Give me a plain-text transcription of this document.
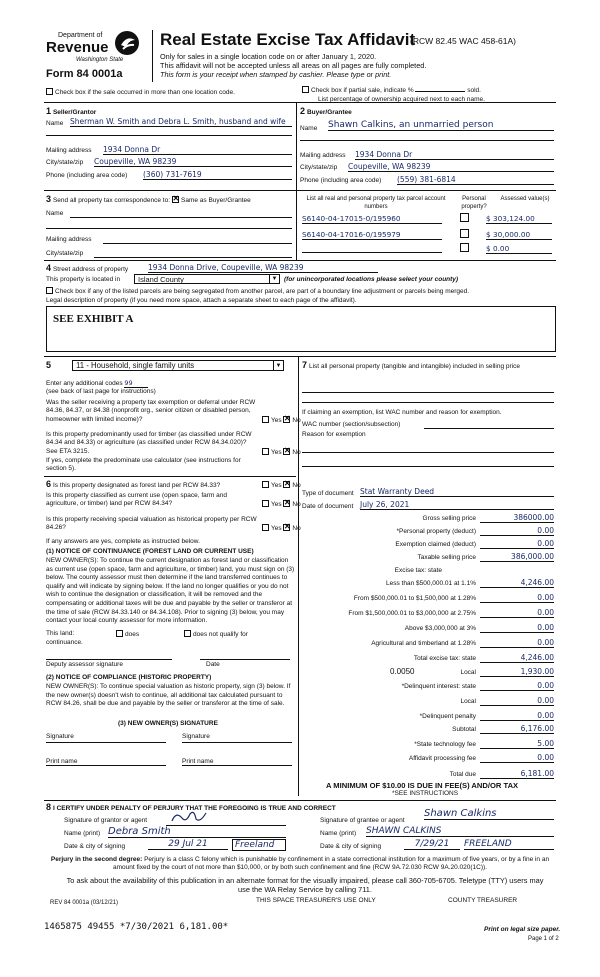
Department of
Revenue
Washington State
Form 84 0001a
Real Estate Excise Tax Affidavit
(RCW 82.45 WAC 458-61A)
Only for sales in a single location code on or after January 1, 2020.
This affidavit will not be accepted unless all areas on all pages are fully completed.
This form is your receipt when stamped by cashier. Please type or print.
Check box if the sale occurred in more than one location code.	Check box if partial sale, indicate %	sold.
List percentage of ownership acquired next to each name.
1 Seller/Grantor
Name Sherman W. Smith and Debra L. Smith, husband and wife
Mailing address 1934 Donna Dr
City/state/zip Coupeville, WA 98239
Phone (including area code) (360) 731-7619
2 Buyer/Grantee
Name Shawn Calkins, an unmarried person
Mailing address 1934 Donna Dr
City/state/zip Coupeville, WA 98239
Phone (including area code) (559) 381-6814
3 Send all property tax correspondence to: ✕ Same as Buyer/Grantee
Name
Mailing address
City/state/zip
List all real and personal property tax parcel account numbers
Personal property?
Assessed value(s)
S6140-04-17015-0/195960	$ 303,124.00
S6140-04-17016-0/195979	$ 30,000.00
$ 0.00
4 Street address of property	1934 Donna Drive, Coupeville, WA 98239
This property is located in	Island County	▼ (for unincorporated locations please select your county)
Check box if any of the listed parcels are being segregated from another parcel, are part of a boundary line adjustment or parcels being merged.
Legal description of property (if you need more space, attach a separate sheet to each page of the affidavit).
SEE EXHIBIT A
5	11 - Household, single family units	▼
Enter any additional codes 99
(see back of last page for instructions)
Was the seller receiving a property tax exemption or deferral under RCW 84.36, 84.37, or 84.38 (nonprofit org., senior citizen or disabled person, homeowner with limited income)?	Yes ✕ No
Is this property predominantly used for timber (as classified under RCW 84.34 and 84.33) or agriculture (as classified under RCW 84.34.020)? See ETA 3215.	Yes ✕ No
If yes, complete the predominate use calculator (see instructions for section 5).
6 Is this property designated as forest land per RCW 84.33?	Yes ✕ No
Is this property classified as current use (open space, farm and agriculture, or timber) land per RCW 84.34?	Yes ✕ No
Is this property receiving special valuation as historical property per RCW 84.26?	Yes ✕ No
If any answers are yes, complete as instructed below.
(1) NOTICE OF CONTINUANCE (FOREST LAND OR CURRENT USE)
NEW OWNER(S): To continue the current designation as forest land or classification as current use (open space, farm and agriculture, or timber) land, you must sign on (3) below. The county assessor must then determine if the land transferred continues to qualify and will indicate by signing below. If the land no longer qualifies or you do not wish to continue the designation or classification, it will be removed and the compensating or additional taxes will be due and payable by the seller or transferor at the time of sale (RCW 84.33.140 or 84.34.108). Prior to signing (3) below, you may contact your local county assessor for more information.
This land:	does	does not qualify for
continuance.
Deputy assessor signature	Date
(2) NOTICE OF COMPLIANCE (HISTORIC PROPERTY)
NEW OWNER(S): To continue special valuation as historic property, sign (3) below. If the new owner(s) doesn't wish to continue, all additional tax calculated pursuant to RCW 84.26, shall be due and payable by the seller or transferor at the time of sale.
(3) NEW OWNER(S) SIGNATURE
Signature	Signature
Print name	Print name
7 List all personal property (tangible and intangible) included in selling price
If claiming an exemption, list WAC number and reason for exemption.
WAC number (section/subsection)
Reason for exemption
Type of document Stat Warranty Deed
Date of document July 26, 2021
Gross selling price	386000.00
*Personal property (deduct)	0.00
Exemption claimed (deduct)	0.00
Taxable selling price	386,000.00
Excise tax: state
Less than $500,000.01 at 1.1%	4,246.00
From $500,000.01 to $1,500,000 at 1.28%	0.00
From $1,500,000.01 to $3,000,000 at 2.75%	0.00
Above $3,000,000 at 3%	0.00
Agricultural and timberland at 1.28%	0.00
Total excise tax: state	4,246.00
0.0050	Local	1,930.00
*Delinquent interest: state	0.00
Local	0.00
*Delinquent penalty	0.00
Subtotal	6,176.00
*State technology fee	5.00
Affidavit processing fee	0.00
Total due	6,181.00
A MINIMUM OF $10.00 IS DUE IN FEE(S) AND/OR TAX
*SEE INSTRUCTIONS
8 I CERTIFY UNDER PENALTY OF PERJURY THAT THE FOREGOING IS TRUE AND CORRECT
Signature of grantor or agent
Name (print) Debra Smith
Date & city of signing	29 Jul 21	Freeland
Signature of grantee or agent
Shawn Calkins
Name (print) SHAWN CALKINS
Date & city of signing	7/29/21	FREELAND
Perjury in the second degree: Perjury is a class C felony which is punishable by confinement in a state correctional institution for a maximum of five years, or by a fine in an amount fixed by the court of not more than $10,000, or by both such confinement and fine (RCW 9A.72.030 RCW 9A.20.020(1C)).
To ask about the availability of this publication in an alternate format for the visually impaired, please call 360-705-6705. Teletype (TTY) users may use the WA Relay Service by calling 711.
REV 84 0001a (03/12/21)	THIS SPACE TREASURER'S USE ONLY	COUNTY TREASURER
1465875 49455 *7/30/2021 6,181.00*	Print on legal size paper.
Page 1 of 2
